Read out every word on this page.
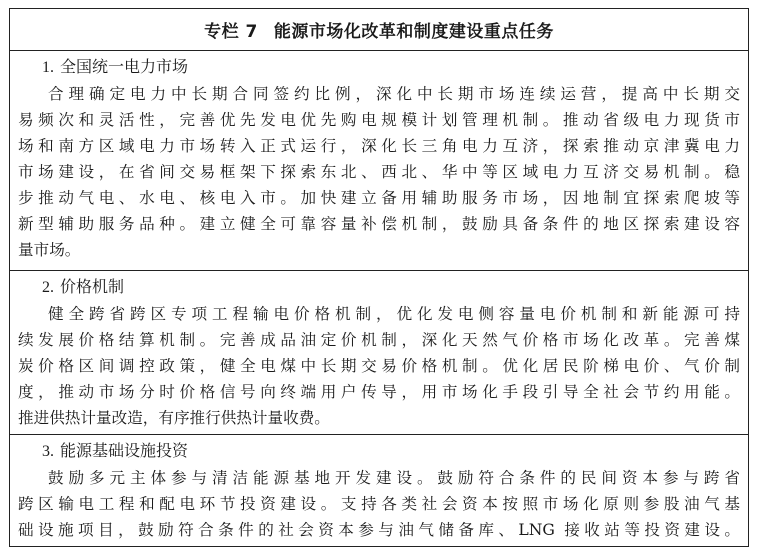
专栏 7 能源市场化改革和制度建设重点任务
1. 全国统一电力市场
合理确定电力中长期合同签约比例，深化中长期市场连续运营，提高中长期交
易频次和灵活性，完善优先发电优先购电规模计划管理机制。推动省级电力现货市
场和南方区域电力市场转入正式运行，深化长三角电力互济，探索推动京津冀电力
市场建设，在省间交易框架下探索东北、西北、华中等区域电力互济交易机制。稳
步推动气电、水电、核电入市。加快建立备用辅助服务市场，因地制宜探索爬坡等
新型辅助服务品种。建立健全可靠容量补偿机制，鼓励具备条件的地区探索建设容
量市场。
2. 价格机制
健全跨省跨区专项工程输电价格机制，优化发电侧容量电价机制和新能源可持
续发展价格结算机制。完善成品油定价机制，深化天然气价格市场化改革。完善煤
炭价格区间调控政策，健全电煤中长期交易价格机制。优化居民阶梯电价、气价制
度，推动市场分时价格信号向终端用户传导，用市场化手段引导全社会节约用能。
推进供热计量改造，有序推行供热计量收费。
3. 能源基础设施投资
鼓励多元主体参与清洁能源基地开发建设。鼓励符合条件的民间资本参与跨省
跨区输电工程和配电环节投资建设。支持各类社会资本按照市场化原则参股油气基
础设施项目，鼓励符合条件的社会资本参与油气储备库、LNG 接收站等投资建设。
